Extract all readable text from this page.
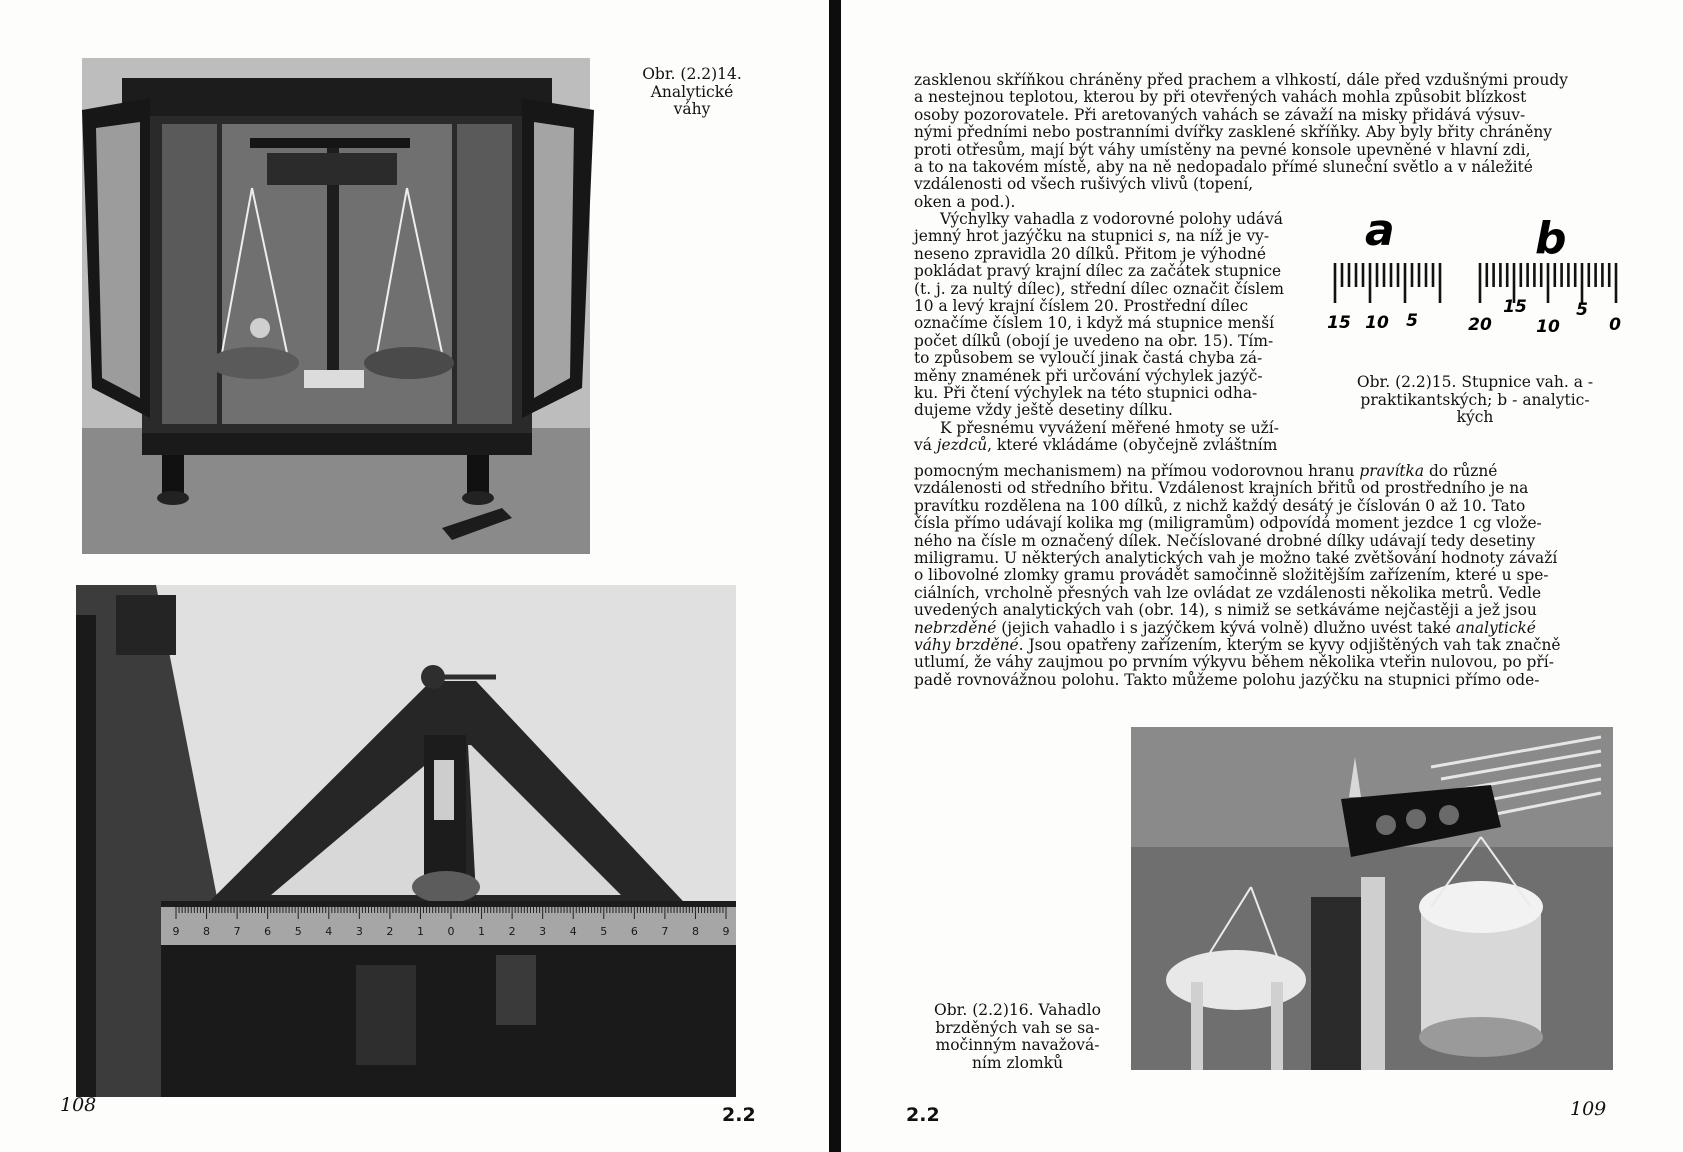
Obr. (2.2)14.

Analytické

váhy

9 8 7 6 5 4 3 2 1 0 1 2 3 4 5 6 7 8 9
108	2.2

zasklenou skříňkou chráněny před prachem a vlhkostí, dále před vzdušnými proudy

a nestejnou teplotou, kterou by při otevřených vahách mohla způsobit blízkost

osoby pozorovatele. Při aretovaných vahách se závaží na misky přidává výsuv-

nými předními nebo postranními dvířky zasklené skříňky. Aby byly břity chráněny

proti otřesům, mají být váhy umístěny na pevné konsole upevněné v hlavní zdi,

a to na takovém místě, aby na ně nedopadalo přímé sluneční světlo a v náležité

vzdálenosti od všech rušivých vlivů (topení,

oken a pod.).

Výchylky vahadla z vodorovné polohy udává

jemný hrot jazýčku na stupnici s, na níž je vy-

neseno zpravidla 20 dílků. Přitom je výhodné

pokládat pravý krajní dílec za začátek stupnice

(t. j. za nultý dílec), střední dílec označit číslem

10 a levý krajní číslem 20. Prostřední dílec

označíme číslem 10, i když má stupnice menší

počet dílků (obojí je uvedeno na obr. 15). Tím-

to způsobem se vyloučí jinak častá chyba zá-

měny znamének při určování výchylek jazýč-

ku. Při čtení výchylek na této stupnici odha-

dujeme vždy ještě desetiny dílku.

K přesnému vyvážení měřené hmoty se uží-

vá jezdců, které vkládáme (obyčejně zvláštním

a	b
15 10 5	20
15
10
5
0

Obr. (2.2)15. Stupnice vah. a -

praktikantských; b - analytic-

kých

pomocným mechanismem) na přímou vodorovnou hranu pravítka do různé

vzdálenosti od středního břitu. Vzdálenost krajních břitů od prostředního je na

pravítku rozdělena na 100 dílků, z nichž každý desátý je číslován 0 až 10. Tato

čísla přímo udávají kolika mg (miligramům) odpovídá moment jezdce 1 cg vlože-

ného na čísle m označený dílek. Nečíslované drobné dílky udávají tedy desetiny

miligramu. U některých analytických vah je možno také zvětšování hodnoty závaží

o libovolné zlomky gramu provádět samočinně složitějším zařízením, které u spe-

ciálních, vrcholně přesných vah lze ovládat ze vzdálenosti několika metrů. Vedle

uvedených analytických vah (obr. 14), s nimiž se setkáváme nejčastěji a jež jsou

nebrzděné (jejich vahadlo i s jazýčkem kývá volně) dlužno uvést také analytické

váhy brzděné. Jsou opatřeny zařízením, kterým se kyvy odjištěných vah tak značně

utlumí, že váhy zaujmou po prvním výkyvu během několika vteřin nulovou, po pří-

padě rovnovážnou polohu. Takto můžeme polohu jazýčku na stupnici přímo ode-

Obr. (2.2)16. Vahadlo

brzděných vah se sa-

močinným navažová-

ním zlomků

2.2	109
